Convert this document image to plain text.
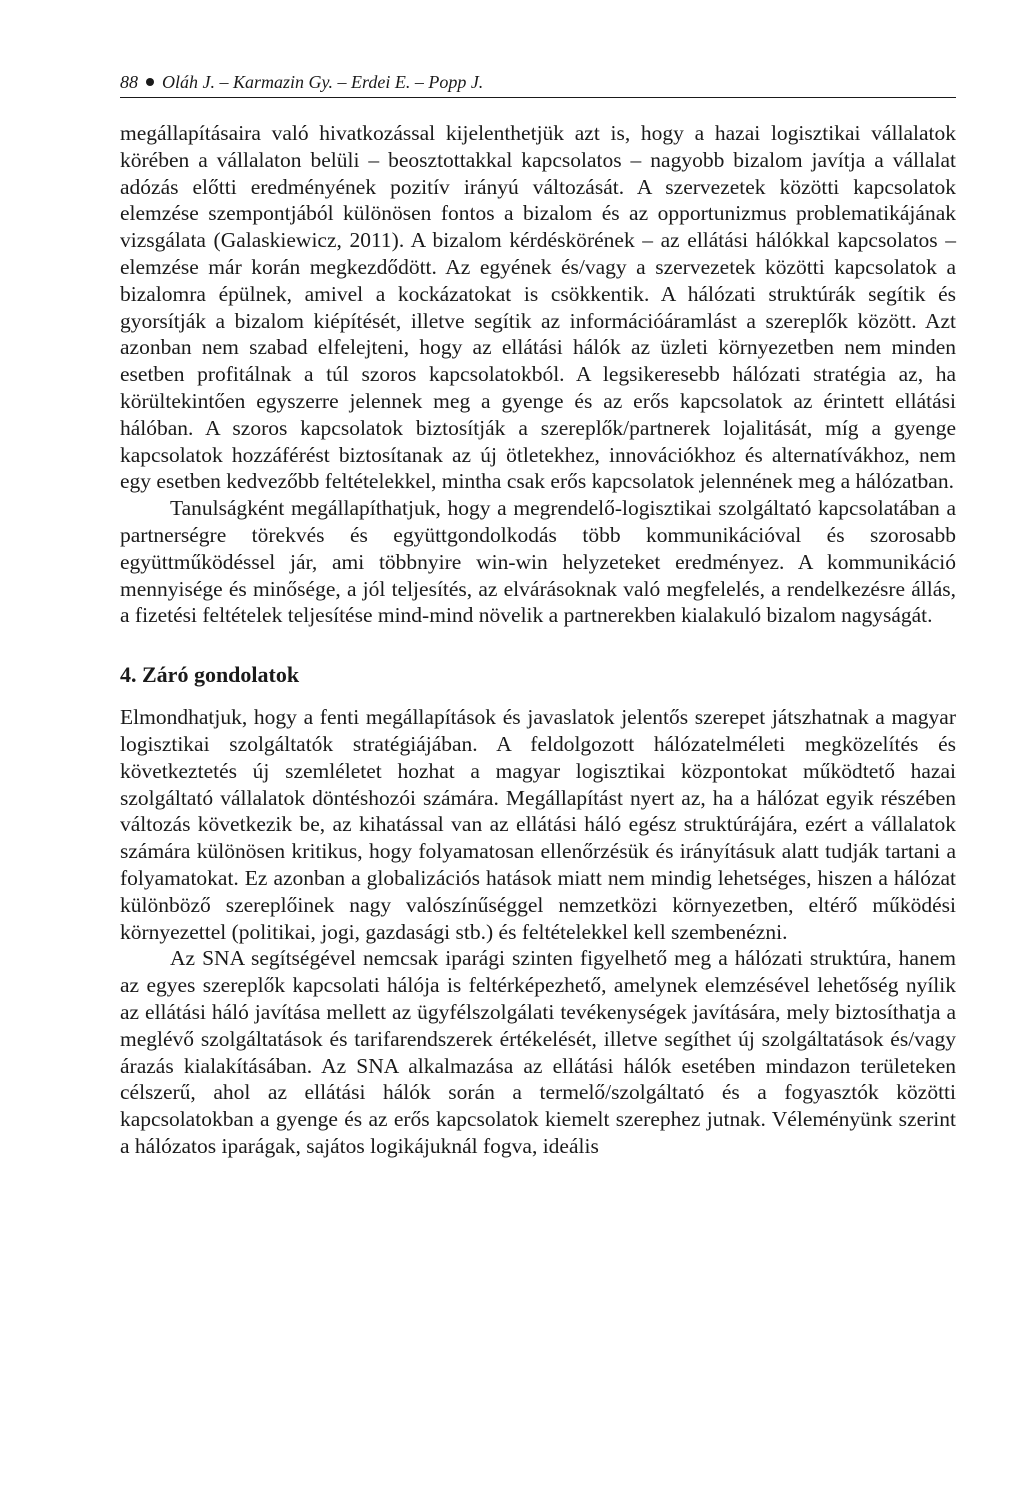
88 Oláh J. – Karmazin Gy. – Erdei E. – Popp J.

megállapításaira való hivatkozással kijelenthetjük azt is, hogy a hazai logisztikai vállalatok körében a vállalaton belüli – beosztottakkal kapcsolatos – nagyobb bizalom javítja a vállalat adózás előtti eredményének pozitív irányú változását. A szervezetek közötti kapcsolatok elemzése szempontjából különösen fontos a bizalom és az opportunizmus problematikájának vizsgálata (Galaskiewicz, 2011). A bizalom kérdéskörének – az ellátási hálókkal kapcsolatos – elemzése már korán megkezdődött. Az egyének és/vagy a szervezetek közötti kapcsolatok a bizalomra épülnek, amivel a kockázatokat is csökkentik. A hálózati struktúrák segítik és gyorsítják a bizalom kiépítését, illetve segítik az információáramlást a szereplők között. Azt azonban nem szabad elfelejteni, hogy az ellátási hálók az üzleti környezetben nem minden esetben profitálnak a túl szoros kapcsolatokból. A legsikeresebb hálózati stratégia az, ha körültekintően egyszerre jelennek meg a gyenge és az erős kapcsolatok az érintett ellátási hálóban. A szoros kapcsolatok biztosítják a szereplők/partnerek lojalitását, míg a gyenge kapcsolatok hozzáférést biztosítanak az új ötletekhez, innovációkhoz és alternatívákhoz, nem egy esetben kedvezőbb feltételekkel, mintha csak erős kapcsolatok jelennének meg a hálózatban.

Tanulságként megállapíthatjuk, hogy a megrendelő-logisztikai szolgáltató kapcsolatában a partnerségre törekvés és együttgondolkodás több kommunikációval és szorosabb együttműködéssel jár, ami többnyire win-win helyzeteket eredményez. A kommunikáció mennyisége és minősége, a jól teljesítés, az elvárásoknak való megfelelés, a rendelkezésre állás, a fizetési feltételek teljesítése mind-mind növelik a partnerekben kialakuló bizalom nagyságát.

4. Záró gondolatok

Elmondhatjuk, hogy a fenti megállapítások és javaslatok jelentős szerepet játszhatnak a magyar logisztikai szolgáltatók stratégiájában. A feldolgozott hálózatelméleti megközelítés és következtetés új szemléletet hozhat a magyar logisztikai központokat működtető hazai szolgáltató vállalatok döntéshozói számára. Megállapítást nyert az, ha a hálózat egyik részében változás következik be, az kihatással van az ellátási háló egész struktúrájára, ezért a vállalatok számára különösen kritikus, hogy folyamatosan ellenőrzésük és irányításuk alatt tudják tartani a folyamatokat. Ez azonban a globalizációs hatások miatt nem mindig lehetséges, hiszen a hálózat különböző szereplőinek nagy valószínűséggel nemzetközi környezetben, eltérő működési környezettel (politikai, jogi, gazdasági stb.) és feltételekkel kell szembenézni.

Az SNA segítségével nemcsak iparági szinten figyelhető meg a hálózati struktúra, hanem az egyes szereplők kapcsolati hálója is feltérképezhető, amelynek elemzésével lehetőség nyílik az ellátási háló javítása mellett az ügyfélszolgálati tevékenységek javítására, mely biztosíthatja a meglévő szolgáltatások és tarifarendszerek értékelését, illetve segíthet új szolgáltatások és/vagy árazás kialakításában. Az SNA alkalmazása az ellátási hálók esetében mindazon területeken célszerű, ahol az ellátási hálók során a termelő/szolgáltató és a fogyasztók közötti kapcsolatokban a gyenge és az erős kapcsolatok kiemelt szerephez jutnak. Véleményünk szerint a hálózatos iparágak, sajátos logikájuknál fogva, ideális
